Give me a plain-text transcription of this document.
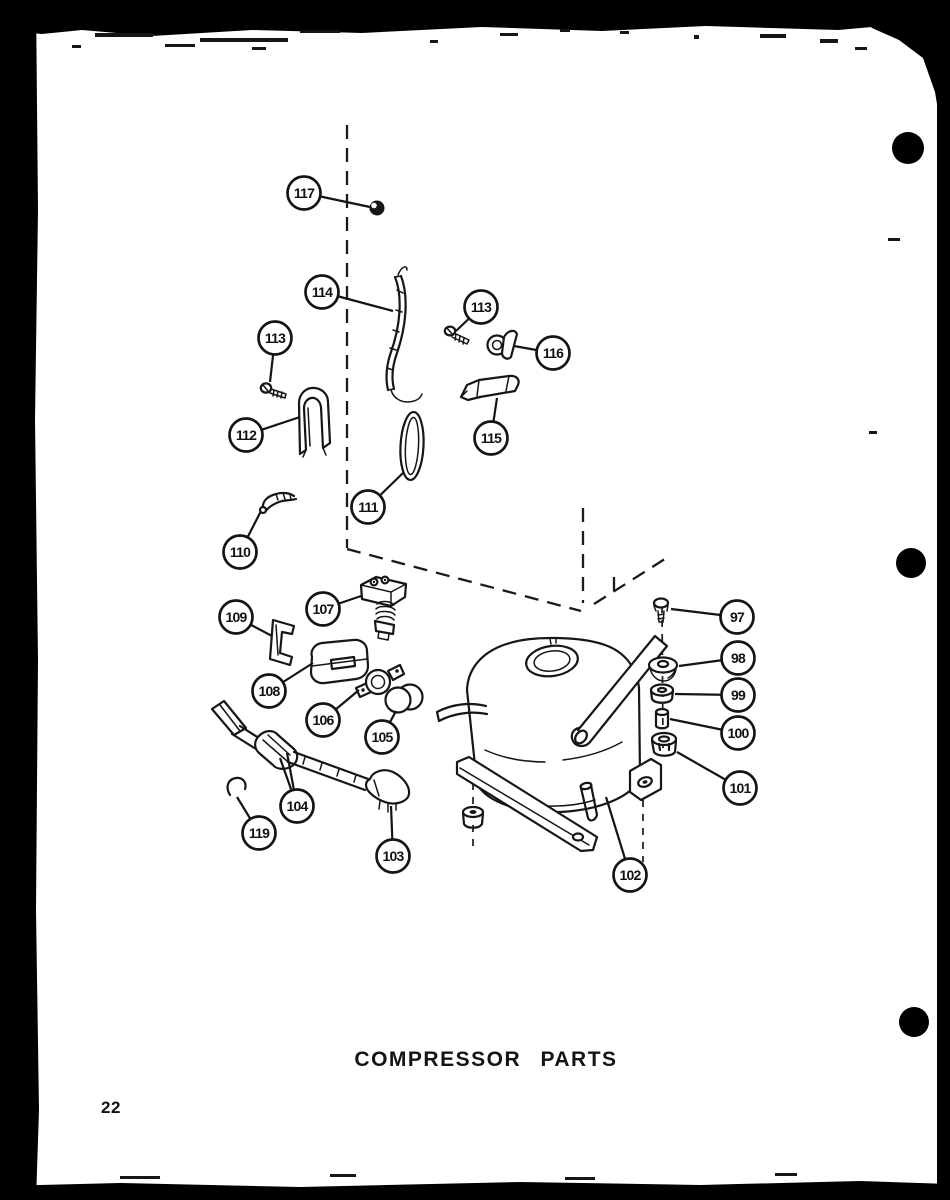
117
114
113
116
113
112	115
111
110
109	107
108
106
105
97
98
99
100
101
104
119
103
102
COMPRESSOR PARTS
22
